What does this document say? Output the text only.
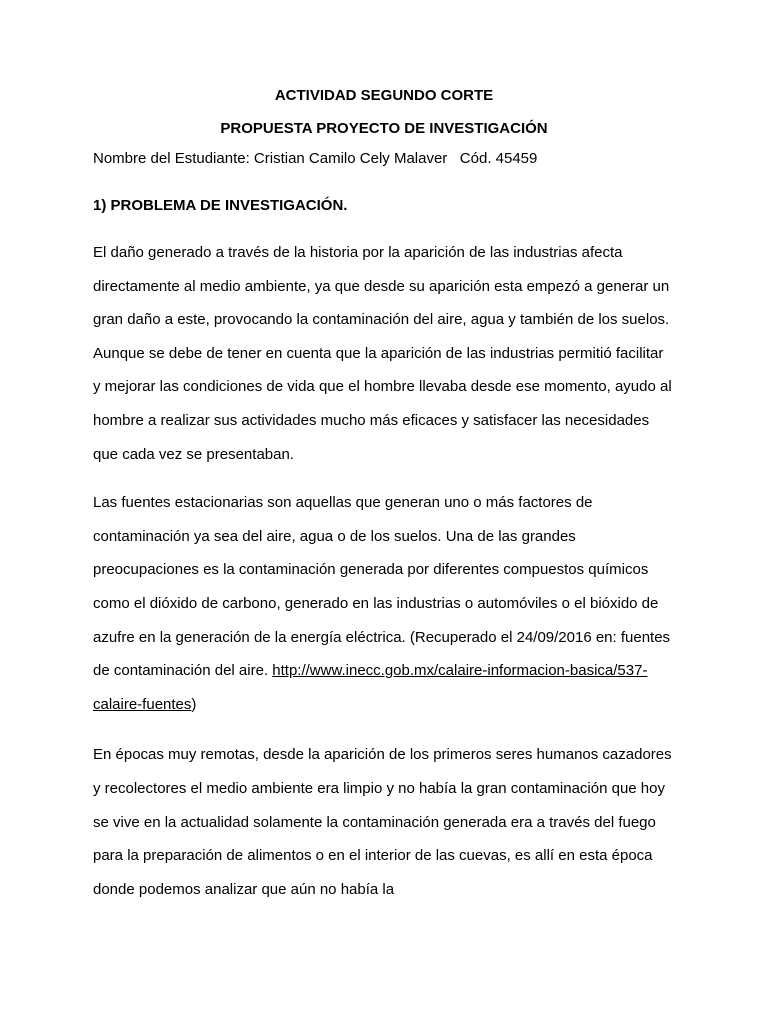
ACTIVIDAD SEGUNDO CORTE

PROPUESTA PROYECTO DE INVESTIGACIÓN

Nombre del Estudiante: Cristian Camilo Cely Malaver   Cód. 45459
1) PROBLEMA DE INVESTIGACIÓN.

El daño generado a través de la historia por la aparición de las industrias afecta directamente al medio ambiente, ya que desde su aparición esta empezó a generar un gran daño a este, provocando la contaminación del aire, agua y también de los suelos. Aunque se debe de tener en cuenta que la aparición de las industrias permitió facilitar y mejorar las condiciones de vida que el hombre llevaba desde ese momento, ayudo al hombre a realizar sus actividades mucho más eficaces y satisfacer las necesidades que cada vez se presentaban.

Las fuentes estacionarias son aquellas que generan uno o más factores de contaminación ya sea del aire, agua o de los suelos. Una de las grandes preocupaciones es la contaminación generada por diferentes compuestos químicos como el dióxido de carbono, generado en las industrias o automóviles o el bióxido de azufre en la generación de la energía eléctrica. (Recuperado el 24/09/2016 en: fuentes de contaminación del aire. http://www.inecc.gob.mx/calaire-informacion-basica/537-calaire-fuentes)

En épocas muy remotas, desde la aparición de los primeros seres humanos cazadores y recolectores el medio ambiente era limpio y no había la gran contaminación que hoy se vive en la actualidad solamente la contaminación generada era a través del fuego para la preparación de alimentos o en el interior de las cuevas, es allí en esta época donde podemos analizar que aún no había la
